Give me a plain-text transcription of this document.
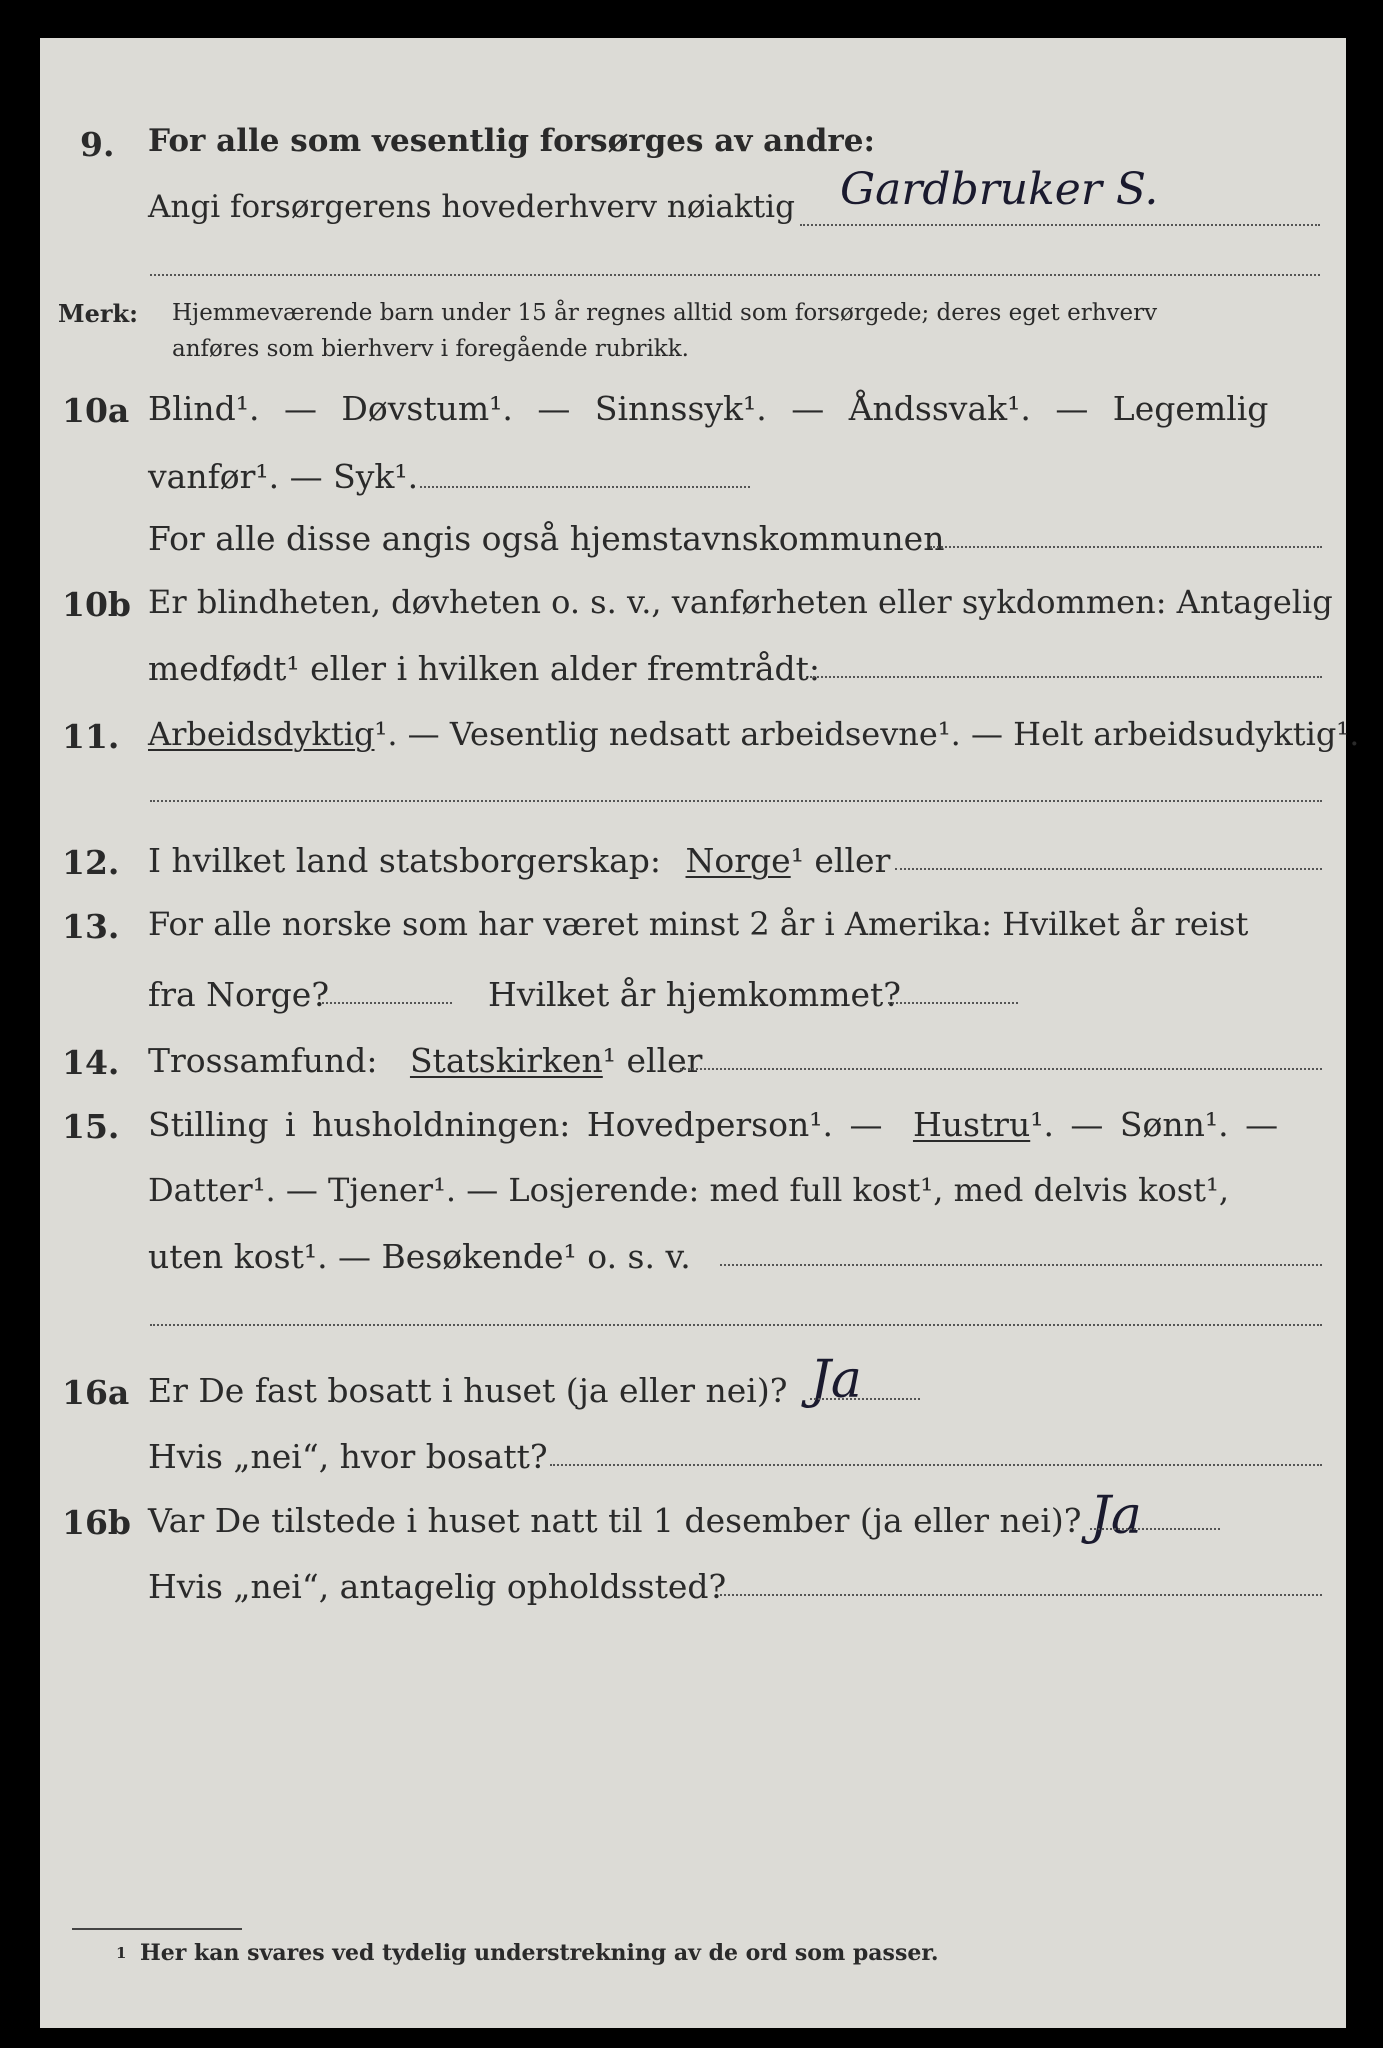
9. For alle som vesentlig forsørges av andre:
Angi forsørgerens hovederhverv nøiaktig Gardbruker S.
Merk: Hjemmeværende barn under 15 år regnes alltid som forsørgede; deres eget erhverv
anføres som bierhverv i foregående rubrikk.
10a Blind¹. — Døvstum¹. — Sinnssyk¹. — Åndssvak¹. — Legemlig
vanfør¹. — Syk¹.
For alle disse angis også hjemstavnskommunen
10b Er blindheten, døvheten o. s. v., vanførheten eller sykdommen: Antagelig
medfødt¹ eller i hvilken alder fremtrådt:
11. Arbeidsdyktig¹. — Vesentlig nedsatt arbeidsevne¹. — Helt arbeidsudyktig¹.
12. I hvilket land statsborgerskap: Norge¹ eller
13. For alle norske som har været minst 2 år i Amerika: Hvilket år reist
fra Norge?	Hvilket år hjemkommet?
14. Trossamfund: Statskirken¹ eller
15. Stilling i husholdningen: Hovedperson¹. — Hustru¹. — Sønn¹. —
Datter¹. — Tjener¹. — Losjerende: med full kost¹, med delvis kost¹,
uten kost¹. — Besøkende¹ o. s. v.
16a Er De fast bosatt i huset (ja eller nei)? Ja
Hvis „nei“, hvor bosatt?
16b Var De tilstede i huset natt til 1 desember (ja eller nei)? Ja
Hvis „nei“, antagelig opholdssted?
1 Her kan svares ved tydelig understrekning av de ord som passer.
